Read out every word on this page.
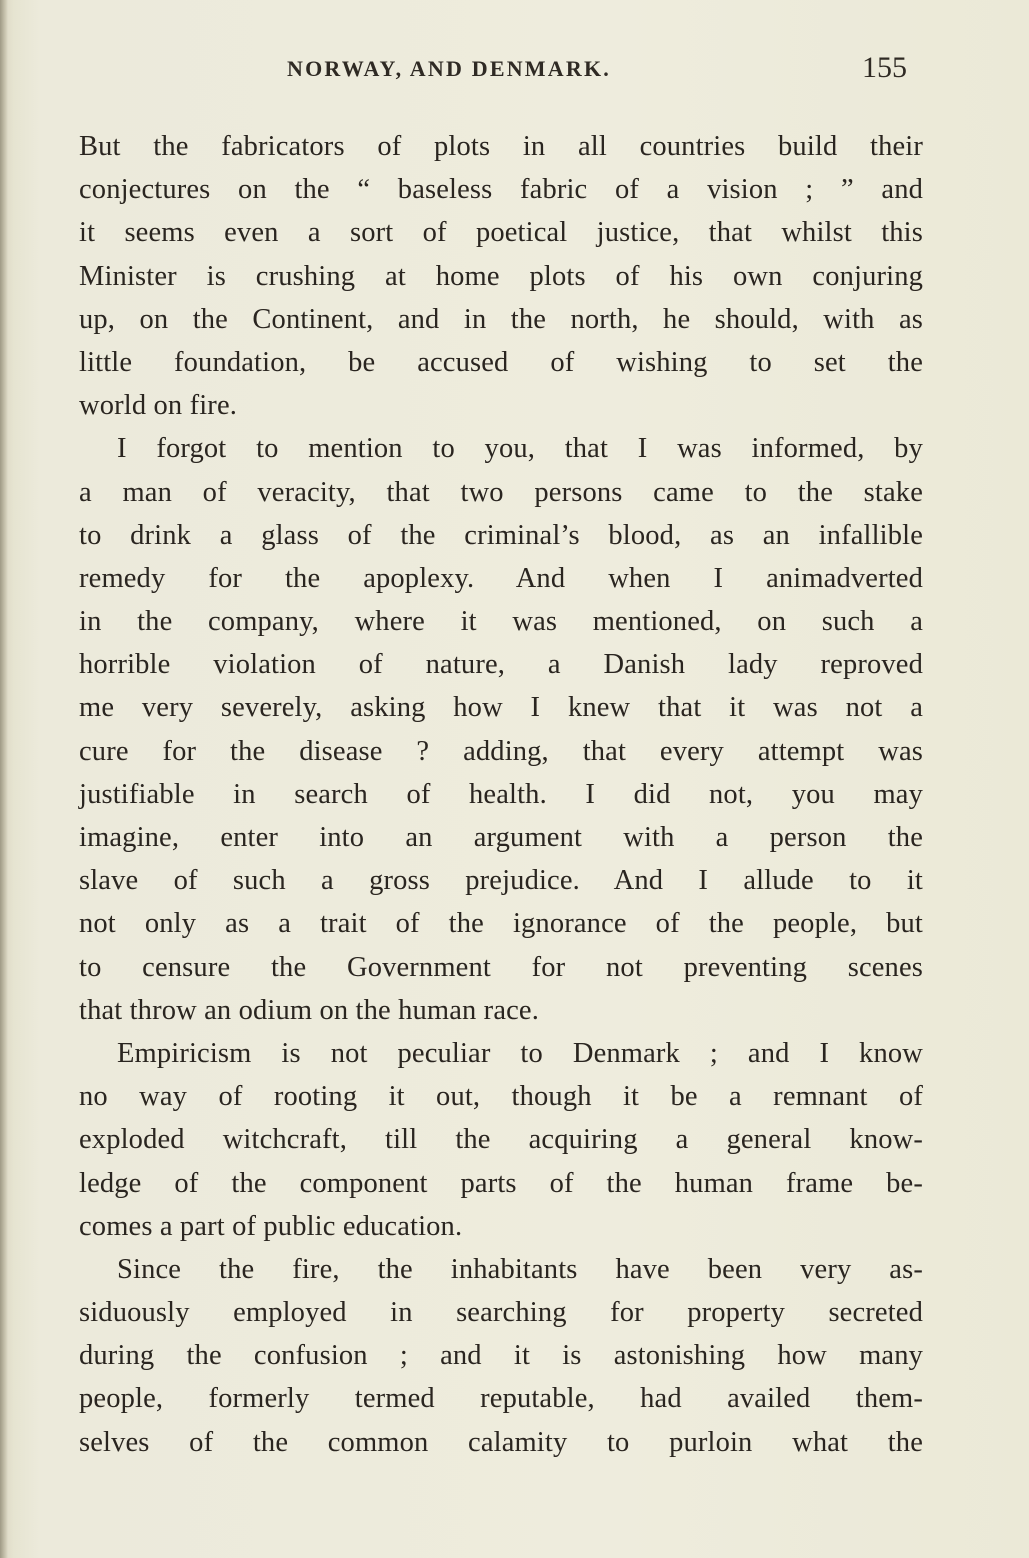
NORWAY, AND DENMARK.	155
But the fabricators of plots in all countries build their
conjectures on the “ baseless fabric of a vision ; ” and
it seems even a sort of poetical justice, that whilst this
Minister is crushing at home plots of his own conjuring
up, on the Continent, and in the north, he should, with as
little foundation, be accused of wishing to set the
world on fire.
I forgot to mention to you, that I was informed, by
a man of veracity, that two persons came to the stake
to drink a glass of the criminal’s blood, as an infallible
remedy for the apoplexy. And when I animadverted
in the company, where it was mentioned, on such a
horrible violation of nature, a Danish lady reproved
me very severely, asking how I knew that it was not a
cure for the disease ? adding, that every attempt was
justifiable in search of health. I did not, you may
imagine, enter into an argument with a person the
slave of such a gross prejudice. And I allude to it
not only as a trait of the ignorance of the people, but
to censure the Government for not preventing scenes
that throw an odium on the human race.
Empiricism is not peculiar to Denmark ; and I know
no way of rooting it out, though it be a remnant of
exploded witchcraft, till the acquiring a general know-
ledge of the component parts of the human frame be-
comes a part of public education.
Since the fire, the inhabitants have been very as-
siduously employed in searching for property secreted
during the confusion ; and it is astonishing how many
people, formerly termed reputable, had availed them-
selves of the common calamity to purloin what the
